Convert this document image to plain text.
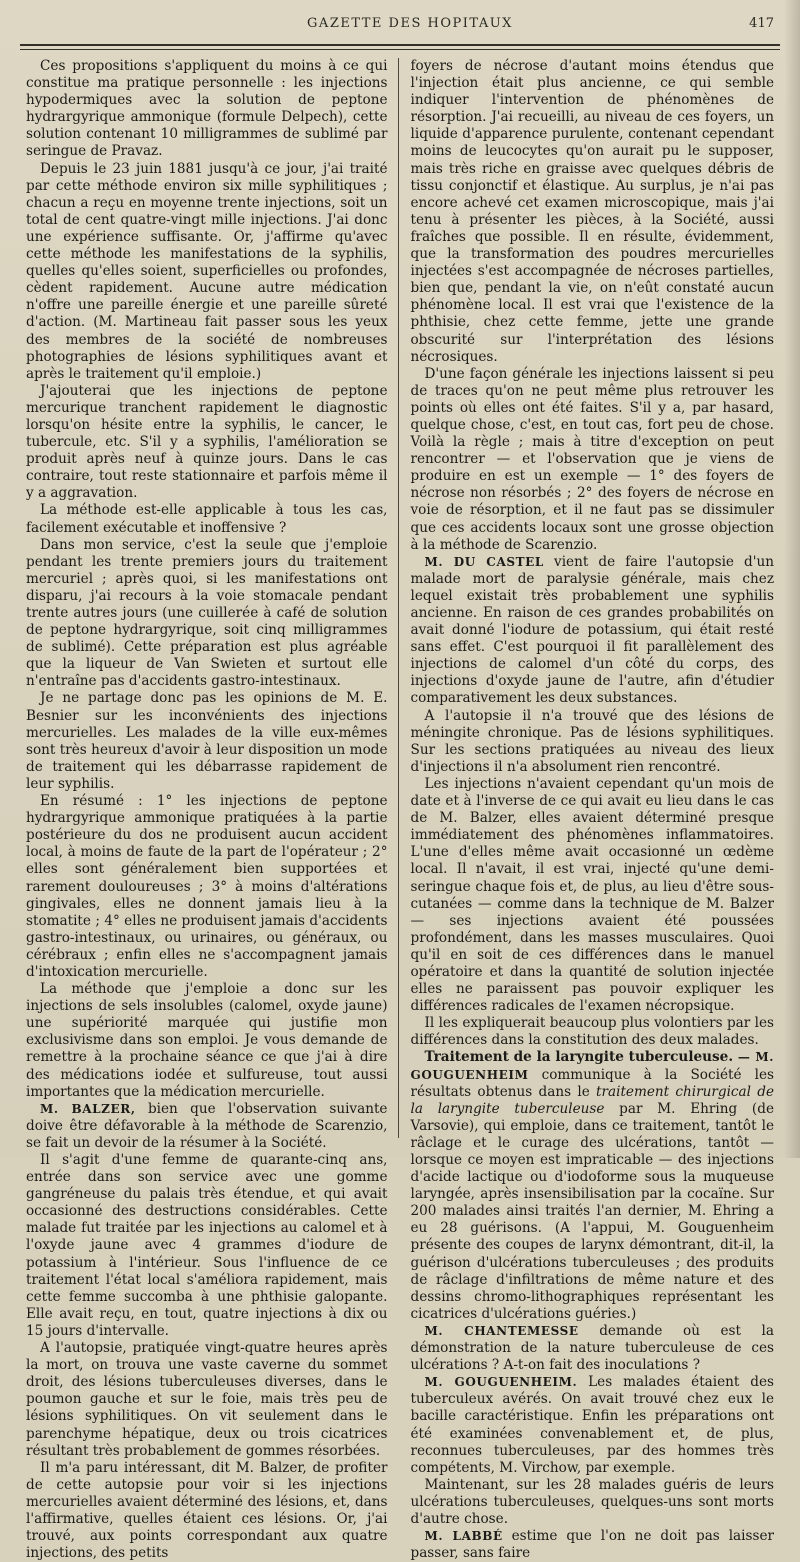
GAZETTE DES HOPITAUX	417

Ces propositions s'appliquent du moins à ce qui constitue ma pratique personnelle : les injections hypodermiques avec la solution de peptone hydrargyrique ammonique (formule Delpech), cette solution contenant 10 milligrammes de sublimé par seringue de Pravaz.

Depuis le 23 juin 1881 jusqu'à ce jour, j'ai traité par cette méthode environ six mille syphilitiques ; chacun a reçu en moyenne trente injections, soit un total de cent quatre-vingt mille injections. J'ai donc une expérience suffisante. Or, j'affirme qu'avec cette méthode les manifestations de la syphilis, quelles qu'elles soient, superficielles ou profondes, cèdent rapidement. Aucune autre médication n'offre une pareille énergie et une pareille sûreté d'action. (M. Martineau fait passer sous les yeux des membres de la société de nombreuses photographies de lésions syphilitiques avant et après le traitement qu'il emploie.)

J'ajouterai que les injections de peptone mercurique tranchent rapidement le diagnostic lorsqu'on hésite entre la syphilis, le cancer, le tubercule, etc. S'il y a syphilis, l'amélioration se produit après neuf à quinze jours. Dans le cas contraire, tout reste stationnaire et parfois même il y a aggravation.

La méthode est-elle applicable à tous les cas, facilement exécutable et inoffensive ?

Dans mon service, c'est la seule que j'emploie pendant les trente premiers jours du traitement mercuriel ; après quoi, si les manifestations ont disparu, j'ai recours à la voie stomacale pendant trente autres jours (une cuillerée à café de solution de peptone hydrargyrique, soit cinq milligrammes de sublimé). Cette préparation est plus agréable que la liqueur de Van Swieten et surtout elle n'entraîne pas d'accidents gastro-intestinaux.

Je ne partage donc pas les opinions de M. E. Besnier sur les inconvénients des injections mercurielles. Les malades de la ville eux-mêmes sont très heureux d'avoir à leur disposition un mode de traitement qui les débarrasse rapidement de leur syphilis.

En résumé : 1° les injections de peptone hydrargyrique ammonique pratiquées à la partie postérieure du dos ne produisent aucun accident local, à moins de faute de la part de l'opérateur ; 2° elles sont généralement bien supportées et rarement douloureuses ; 3° à moins d'altérations gingivales, elles ne donnent jamais lieu à la stomatite ; 4° elles ne produisent jamais d'accidents gastro-intestinaux, ou urinaires, ou généraux, ou cérébraux ; enfin elles ne s'accompagnent jamais d'intoxication mercurielle.

La méthode que j'emploie a donc sur les injections de sels insolubles (calomel, oxyde jaune) une supériorité marquée qui justifie mon exclusivisme dans son emploi. Je vous demande de remettre à la prochaine séance ce que j'ai à dire des médications iodée et sulfureuse, tout aussi importantes que la médication mercurielle.

M. BALZER, bien que l'observation suivante doive être défavorable à la méthode de Scarenzio, se fait un devoir de la résumer à la Société.

Il s'agit d'une femme de quarante-cinq ans, entrée dans son service avec une gomme gangréneuse du palais très étendue, et qui avait occasionné des destructions considérables. Cette malade fut traitée par les injections au calomel et à l'oxyde jaune avec 4 grammes d'iodure de potassium à l'intérieur. Sous l'influence de ce traitement l'état local s'améliora rapidement, mais cette femme succomba à une phthisie galopante. Elle avait reçu, en tout, quatre injections à dix ou 15 jours d'intervalle.

A l'autopsie, pratiquée vingt-quatre heures après la mort, on trouva une vaste caverne du sommet droit, des lésions tuberculeuses diverses, dans le poumon gauche et sur le foie, mais très peu de lésions syphilitiques. On vit seulement dans le parenchyme hépatique, deux ou trois cicatrices résultant très probablement de gommes résorbées.

Il m'a paru intéressant, dit M. Balzer, de profiter de cette autopsie pour voir si les injections mercurielles avaient déterminé des lésions, et, dans l'affirmative, quelles étaient ces lésions. Or, j'ai trouvé, aux points correspondant aux quatre injections, des petits

foyers de nécrose d'autant moins étendus que l'injection était plus ancienne, ce qui semble indiquer l'intervention de phénomènes de résorption. J'ai recueilli, au niveau de ces foyers, un liquide d'apparence purulente, contenant cependant moins de leucocytes qu'on aurait pu le supposer, mais très riche en graisse avec quelques débris de tissu conjonctif et élastique. Au surplus, je n'ai pas encore achevé cet examen microscopique, mais j'ai tenu à présenter les pièces, à la Société, aussi fraîches que possible. Il en résulte, évidemment, que la transformation des poudres mercurielles injectées s'est accompagnée de nécroses partielles, bien que, pendant la vie, on n'eût constaté aucun phénomène local. Il est vrai que l'existence de la phthisie, chez cette femme, jette une grande obscurité sur l'interprétation des lésions nécrosiques.

D'une façon générale les injections laissent si peu de traces qu'on ne peut même plus retrouver les points où elles ont été faites. S'il y a, par hasard, quelque chose, c'est, en tout cas, fort peu de chose. Voilà la règle ; mais à titre d'exception on peut rencontrer — et l'observation que je viens de produire en est un exemple — 1° des foyers de nécrose non résorbés ; 2° des foyers de nécrose en voie de résorption, et il ne faut pas se dissimuler que ces accidents locaux sont une grosse objection à la méthode de Scarenzio.

M. DU CASTEL vient de faire l'autopsie d'un malade mort de paralysie générale, mais chez lequel existait très probablement une syphilis ancienne. En raison de ces grandes probabilités on avait donné l'iodure de potassium, qui était resté sans effet. C'est pourquoi il fit parallèlement des injections de calomel d'un côté du corps, des injections d'oxyde jaune de l'autre, afin d'étudier comparativement les deux substances.

A l'autopsie il n'a trouvé que des lésions de méningite chronique. Pas de lésions syphilitiques. Sur les sections pratiquées au niveau des lieux d'injections il n'a absolument rien rencontré.

Les injections n'avaient cependant qu'un mois de date et à l'inverse de ce qui avait eu lieu dans le cas de M. Balzer, elles avaient déterminé presque immédiatement des phénomènes inflammatoires. L'une d'elles même avait occasionné un œdème local. Il n'avait, il est vrai, injecté qu'une demi-seringue chaque fois et, de plus, au lieu d'être sous-cutanées — comme dans la technique de M. Balzer — ses injections avaient été poussées profondément, dans les masses musculaires. Quoi qu'il en soit de ces différences dans le manuel opératoire et dans la quantité de solution injectée elles ne paraissent pas pouvoir expliquer les différences radicales de l'examen nécropsique.

Il les expliquerait beaucoup plus volontiers par les différences dans la constitution des deux malades.

Traitement de la laryngite tuberculeuse. — M. GOUGUENHEIM communique à la Société les résultats obtenus dans le traitement chirurgical de la laryngite tuberculeuse par M. Ehring (de Varsovie), qui emploie, dans ce traitement, tantôt le râclage et le curage des ulcérations, tantôt — lorsque ce moyen est impraticable — des injections d'acide lactique ou d'iodoforme sous la muqueuse laryngée, après insensibilisation par la cocaïne. Sur 200 malades ainsi traités l'an dernier, M. Ehring a eu 28 guérisons. (A l'appui, M. Gouguenheim présente des coupes de larynx démontrant, dit-il, la guérison d'ulcérations tuberculeuses ; des produits de râclage d'infiltrations de même nature et des dessins chromo-lithographiques représentant les cicatrices d'ulcérations guéries.)

M. CHANTEMESSE demande où est la démonstration de la nature tuberculeuse de ces ulcérations ? A-t-on fait des inoculations ?

M. GOUGUENHEIM. Les malades étaient des tuberculeux avérés. On avait trouvé chez eux le bacille caractéristique. Enfin les préparations ont été examinées convenablement et, de plus, reconnues tuberculeuses, par des hommes très compétents, M. Virchow, par exemple.

Maintenant, sur les 28 malades guéris de leurs ulcérations tuberculeuses, quelques-uns sont morts d'autre chose.

M. LABBÉ estime que l'on ne doit pas laisser passer, sans faire
